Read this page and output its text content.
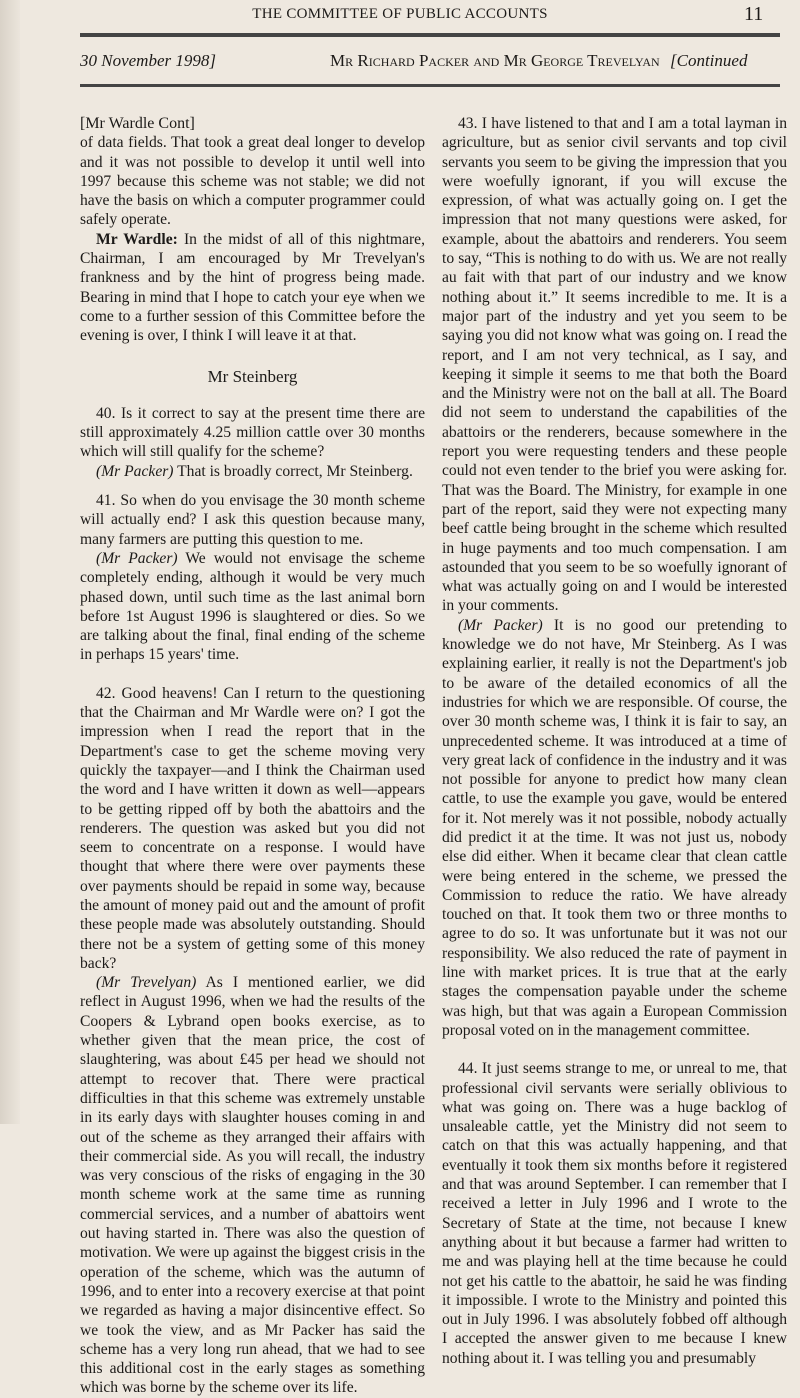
THE COMMITTEE OF PUBLIC ACCOUNTS	11
30 November 1998]	Mr Richard Packer and Mr George Trevelyan [Continued

[Mr Wardle Cont]

of data fields. That took a great deal longer to develop and it was not possible to develop it until well into 1997 because this scheme was not stable; we did not have the basis on which a computer programmer could safely operate.

Mr Wardle: In the midst of all of this nightmare, Chairman, I am encouraged by Mr Trevelyan's frankness and by the hint of progress being made. Bearing in mind that I hope to catch your eye when we come to a further session of this Committee before the evening is over, I think I will leave it at that.

Mr Steinberg

40. Is it correct to say at the present time there are still approximately 4.25 million cattle over 30 months which will still qualify for the scheme?

(Mr Packer) That is broadly correct, Mr Steinberg.

41. So when do you envisage the 30 month scheme will actually end? I ask this question because many, many farmers are putting this question to me.

(Mr Packer) We would not envisage the scheme completely ending, although it would be very much phased down, until such time as the last animal born before 1st August 1996 is slaughtered or dies. So we are talking about the final, final ending of the scheme in perhaps 15 years' time.

42. Good heavens! Can I return to the questioning that the Chairman and Mr Wardle were on? I got the impression when I read the report that in the Department's case to get the scheme moving very quickly the taxpayer—and I think the Chairman used the word and I have written it down as well—appears to be getting ripped off by both the abattoirs and the renderers. The question was asked but you did not seem to concentrate on a response. I would have thought that where there were over payments these over payments should be repaid in some way, because the amount of money paid out and the amount of profit these people made was absolutely outstanding. Should there not be a system of getting some of this money back?

(Mr Trevelyan) As I mentioned earlier, we did reflect in August 1996, when we had the results of the Coopers & Lybrand open books exercise, as to whether given that the mean price, the cost of slaughtering, was about £45 per head we should not attempt to recover that. There were practical difficulties in that this scheme was extremely unstable in its early days with slaughter houses coming in and out of the scheme as they arranged their affairs with their commercial side. As you will recall, the industry was very conscious of the risks of engaging in the 30 month scheme work at the same time as running commercial services, and a number of abattoirs went out having started in. There was also the question of motivation. We were up against the biggest crisis in the operation of the scheme, which was the autumn of 1996, and to enter into a recovery exercise at that point we regarded as having a major disincentive effect. So we took the view, and as Mr Packer has said the scheme has a very long run ahead, that we had to see this additional cost in the early stages as something which was borne by the scheme over its life.

43. I have listened to that and I am a total layman in agriculture, but as senior civil servants and top civil servants you seem to be giving the impression that you were woefully ignorant, if you will excuse the expression, of what was actually going on. I get the impression that not many questions were asked, for example, about the abattoirs and renderers. You seem to say, “This is nothing to do with us. We are not really au fait with that part of our industry and we know nothing about it.” It seems incredible to me. It is a major part of the industry and yet you seem to be saying you did not know what was going on. I read the report, and I am not very technical, as I say, and keeping it simple it seems to me that both the Board and the Ministry were not on the ball at all. The Board did not seem to understand the capabilities of the abattoirs or the renderers, because somewhere in the report you were requesting tenders and these people could not even tender to the brief you were asking for. That was the Board. The Ministry, for example in one part of the report, said they were not expecting many beef cattle being brought in the scheme which resulted in huge payments and too much compensation. I am astounded that you seem to be so woefully ignorant of what was actually going on and I would be interested in your comments.

(Mr Packer) It is no good our pretending to knowledge we do not have, Mr Steinberg. As I was explaining earlier, it really is not the Department's job to be aware of the detailed economics of all the industries for which we are responsible. Of course, the over 30 month scheme was, I think it is fair to say, an unprecedented scheme. It was introduced at a time of very great lack of confidence in the industry and it was not possible for anyone to predict how many clean cattle, to use the example you gave, would be entered for it. Not merely was it not possible, nobody actually did predict it at the time. It was not just us, nobody else did either. When it became clear that clean cattle were being entered in the scheme, we pressed the Commission to reduce the ratio. We have already touched on that. It took them two or three months to agree to do so. It was unfortunate but it was not our responsibility. We also reduced the rate of payment in line with market prices. It is true that at the early stages the compensation payable under the scheme was high, but that was again a European Commission proposal voted on in the management committee.

44. It just seems strange to me, or unreal to me, that professional civil servants were serially oblivious to what was going on. There was a huge backlog of unsaleable cattle, yet the Ministry did not seem to catch on that this was actually happening, and that eventually it took them six months before it registered and that was around September. I can remember that I received a letter in July 1996 and I wrote to the Secretary of State at the time, not because I knew anything about it but because a farmer had written to me and was playing hell at the time because he could not get his cattle to the abattoir, he said he was finding it impossible. I wrote to the Ministry and pointed this out in July 1996. I was absolutely fobbed off although I accepted the answer given to me because I knew nothing about it. I was telling you and presumably
